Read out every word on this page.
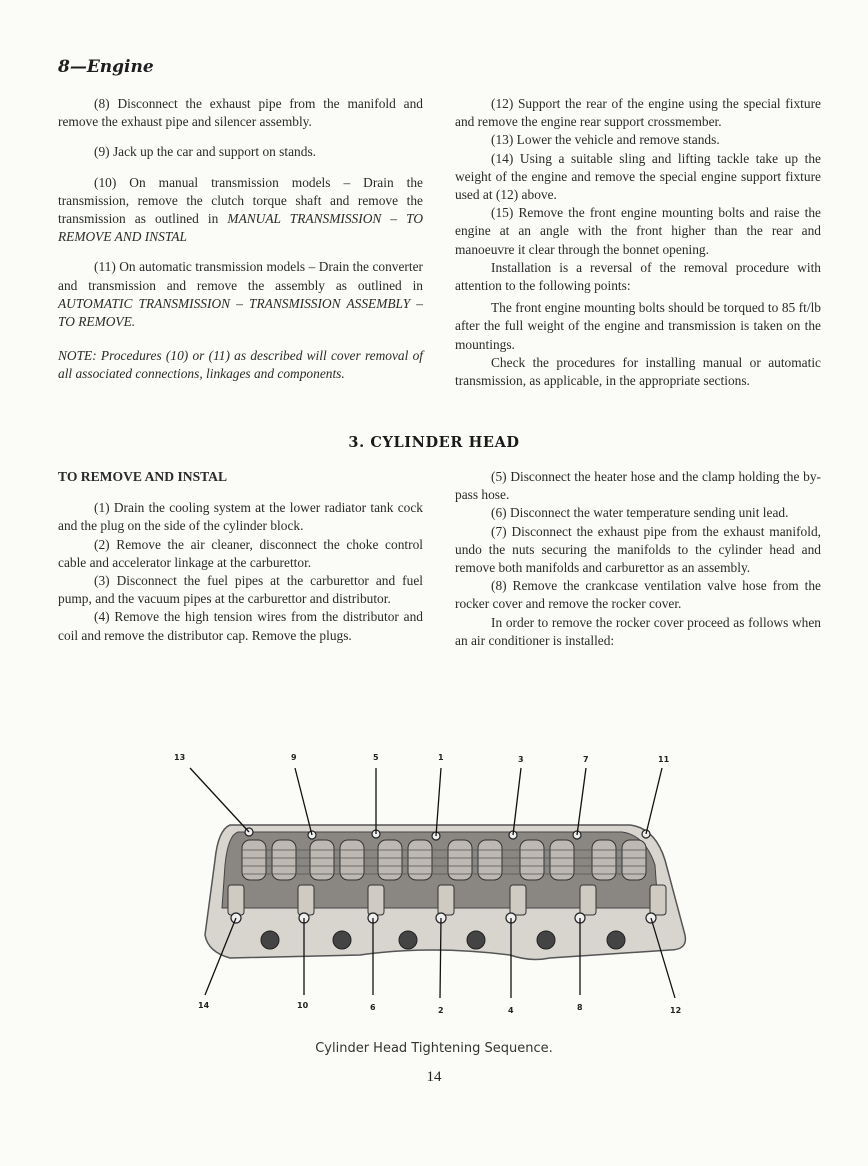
8—Engine

(8) Disconnect the exhaust pipe from the manifold and remove the exhaust pipe and silencer assembly.

(9) Jack up the car and support on stands.

(10) On manual transmission models – Drain the transmission, remove the clutch torque shaft and remove the transmission as outlined in MANUAL TRANSMISSION – TO REMOVE AND INSTAL

(11) On automatic transmission models – Drain the converter and transmission and remove the assembly as outlined in AUTOMATIC TRANSMISSION – TRANSMISSION ASSEMBLY – TO REMOVE.

NOTE: Procedures (10) or (11) as described will cover removal of all associated connections, linkages and components.

(12) Support the rear of the engine using the special fixture and remove the engine rear support crossmember.

(13) Lower the vehicle and remove stands.

(14) Using a suitable sling and lifting tackle take up the weight of the engine and remove the special engine support fixture used at (12) above.

(15) Remove the front engine mounting bolts and raise the engine at an angle with the front higher than the rear and manoeuvre it clear through the bonnet opening.

Installation is a reversal of the removal procedure with attention to the following points:

The front engine mounting bolts should be torqued to 85 ft/lb after the full weight of the engine and transmission is taken on the mountings.

Check the procedures for installing manual or automatic transmission, as applicable, in the appropriate sections.

3. CYLINDER HEAD

TO REMOVE AND INSTAL

(1) Drain the cooling system at the lower radiator tank cock and the plug on the side of the cylinder block.

(2) Remove the air cleaner, disconnect the choke control cable and accelerator linkage at the carburettor.

(3) Disconnect the fuel pipes at the carburettor and fuel pump, and the vacuum pipes at the carburettor and distributor.

(4) Remove the high tension wires from the distributor and coil and remove the distributor cap. Remove the plugs.

(5) Disconnect the heater hose and the clamp holding the by-pass hose.

(6) Disconnect the water temperature sending unit lead.

(7) Disconnect the exhaust pipe from the exhaust manifold, undo the nuts securing the manifolds to the cylinder head and remove both manifolds and carburettor as an assembly.

(8) Remove the crankcase ventilation valve hose from the rocker cover and remove the rocker cover.

In order to remove the rocker cover proceed as follows when an air conditioner is installed:

13	9	5	1	3	7	11
14	10	6	2	4	8	12
Cylinder Head Tightening Sequence.
14
